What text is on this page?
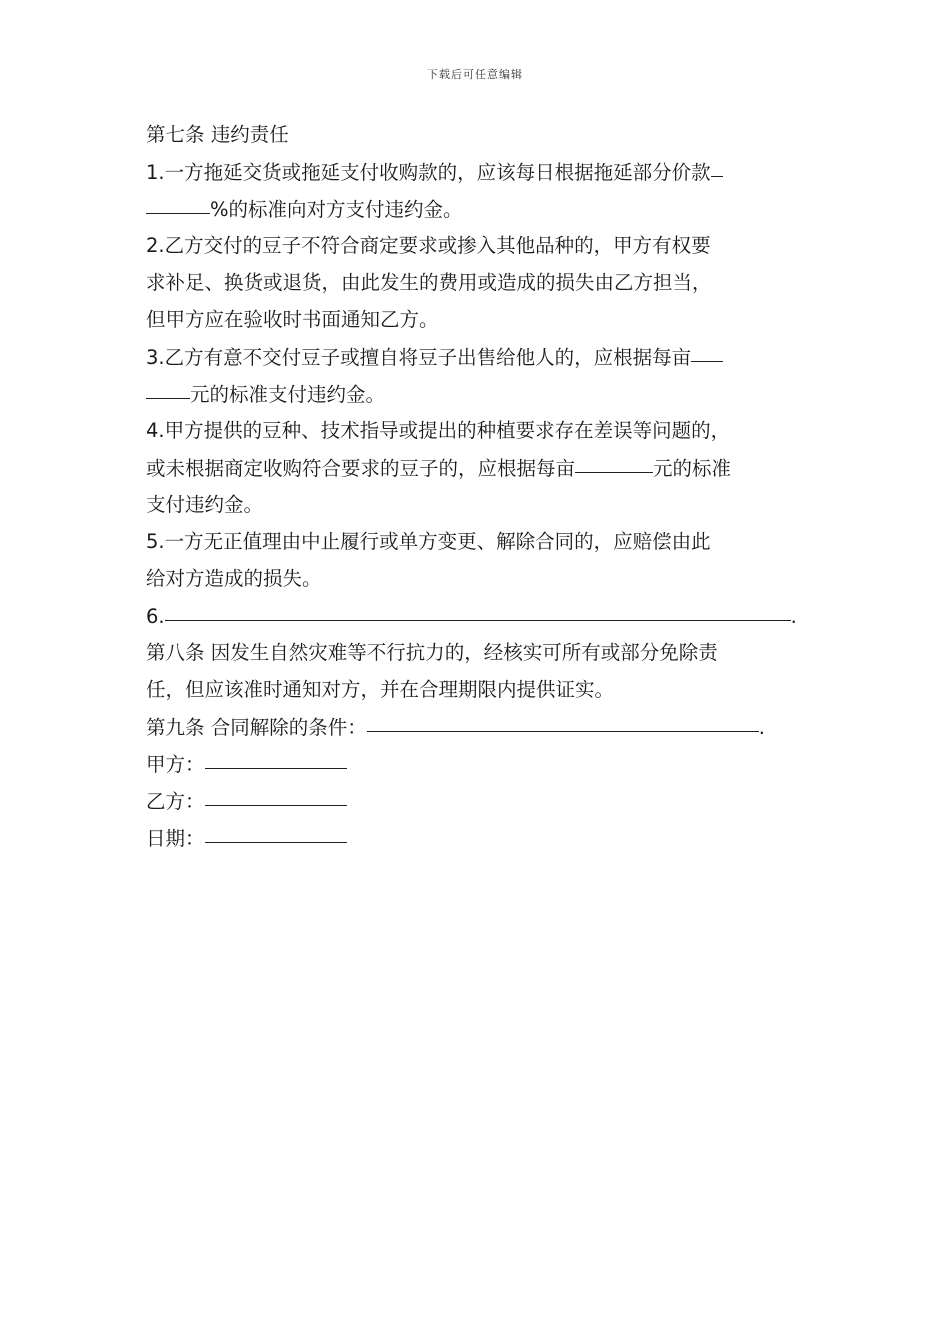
下载后可任意编辑
第七条 违约责任
1.一方拖延交货或拖延支付收购款的，应该每日根据拖延部分价款
%的标准向对方支付违约金。
2.乙方交付的豆子不符合商定要求或掺入其他品种的，甲方有权要
求补足、换货或退货，由此发生的费用或造成的损失由乙方担当，
但甲方应在验收时书面通知乙方。
3.乙方有意不交付豆子或擅自将豆子出售给他人的，应根据每亩
元的标准支付违约金。
4.甲方提供的豆种、技术指导或提出的种植要求存在差误等问题的，
或未根据商定收购符合要求的豆子的，应根据每亩	元的标准
支付违约金。
5.一方无正值理由中止履行或单方变更、解除合同的，应赔偿由此
给对方造成的损失。
6.	.
第八条 因发生自然灾难等不行抗力的，经核实可所有或部分免除责
任，但应该准时通知对方，并在合理期限内提供证实。
第九条 合同解除的条件：	.
甲方：
乙方：
日期：
